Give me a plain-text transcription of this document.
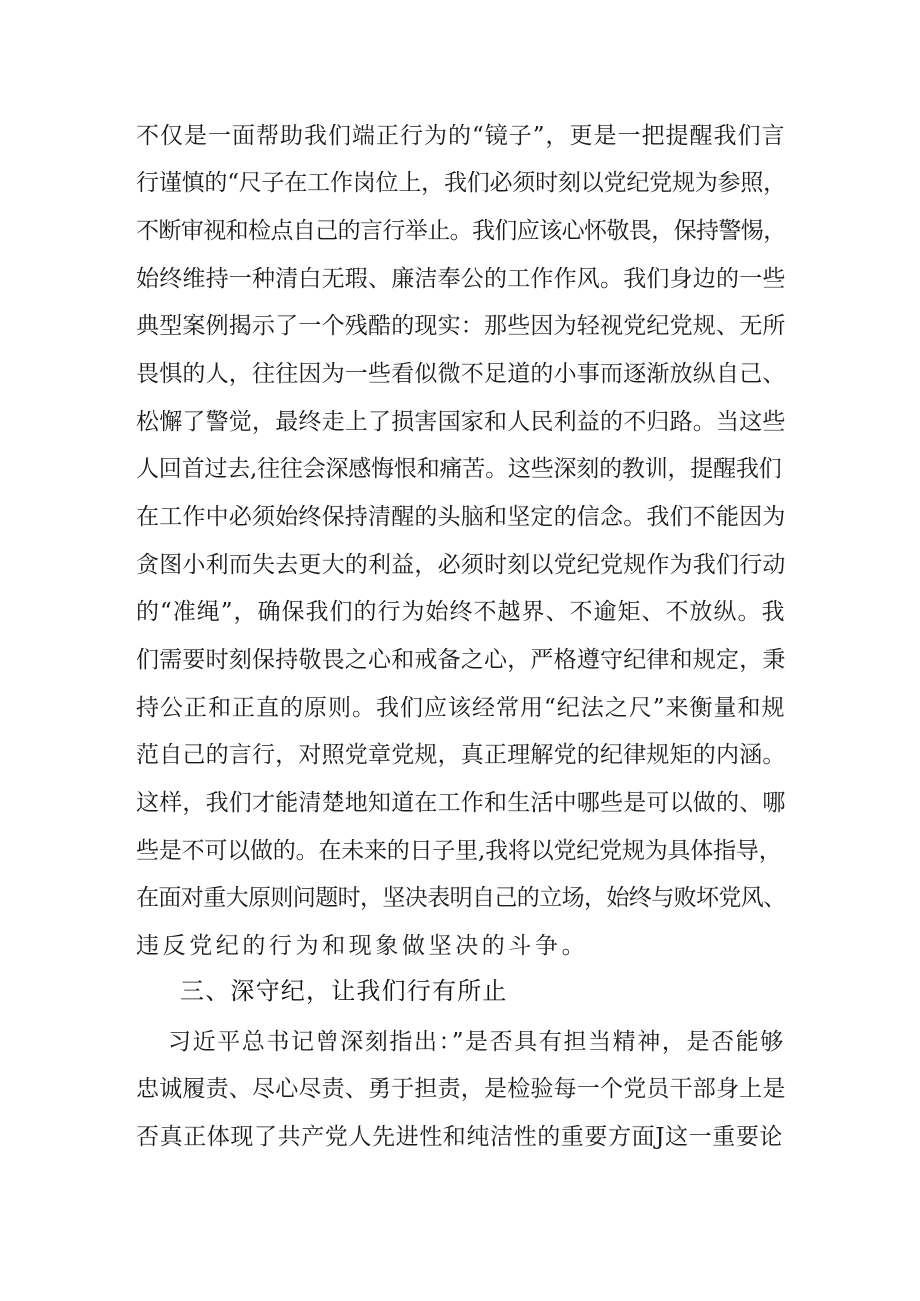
不仅是一面帮助我们端正行为的“镜子”，更是一把提醒我们言
行谨慎的“尺子在工作岗位上，我们必须时刻以党纪党规为参照，
不断审视和检点自己的言行举止。我们应该心怀敬畏，保持警惕，
始终维持一种清白无瑕、廉洁奉公的工作作风。我们身边的一些
典型案例揭示了一个残酷的现实：那些因为轻视党纪党规、无所
畏惧的人，往往因为一些看似微不足道的小事而逐渐放纵自己、
松懈了警觉，最终走上了损害国家和人民利益的不归路。当这些
人回首过去,往往会深感悔恨和痛苦。这些深刻的教训，提醒我们
在工作中必须始终保持清醒的头脑和坚定的信念。我们不能因为
贪图小利而失去更大的利益，必须时刻以党纪党规作为我们行动
的“准绳”，确保我们的行为始终不越界、不逾矩、不放纵。我
们需要时刻保持敬畏之心和戒备之心，严格遵守纪律和规定，秉
持公正和正直的原则。我们应该经常用“纪法之尺”来衡量和规
范自己的言行，对照党章党规，真正理解党的纪律规矩的内涵。
这样，我们才能清楚地知道在工作和生活中哪些是可以做的、哪
些是不可以做的。在未来的日子里,我将以党纪党规为具体指导，
在面对重大原则问题时，坚决表明自己的立场，始终与败坏党风、
违反党纪的行为和现象做坚决的斗争。
三、深守纪，让我们行有所止
习近平总书记曾深刻指出：”是否具有担当精神，是否能够
忠诚履责、尽心尽责、勇于担责，是检验每一个党员干部身上是
否真正体现了共产党人先进性和纯洁性的重要方面J这一重要论
